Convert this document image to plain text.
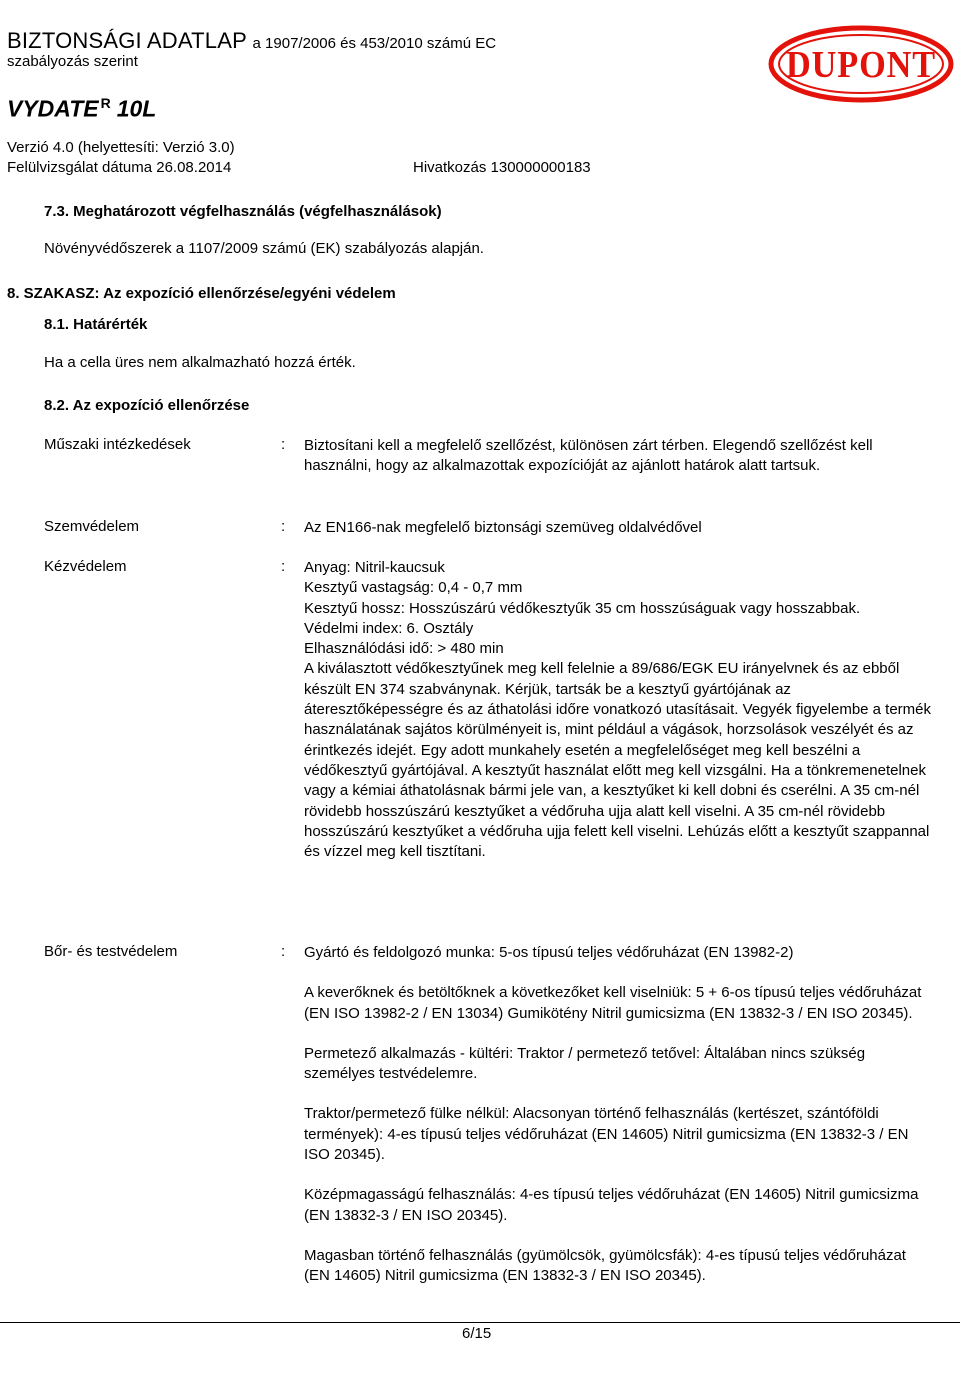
BIZTONSÁGI ADATLAP a 1907/2006 és 453/2010 számú EC
szabályozás szerint
VYDATE $^R$ 10L
Verzió 4.0 (helyettesíti: Verzió 3.0)
Felülvizsgálat dátuma 26.08.2014	Hivatkozás 130000000183
DUPONT
7.3. Meghatározott végfelhasználás (végfelhasználások)
Növényvédőszerek a 1107/2009 számú (EK) szabályozás alapján.
8. SZAKASZ: Az expozíció ellenőrzése/egyéni védelem
8.1. Határérték
Ha a cella üres nem alkalmazható hozzá érték.
8.2. Az expozíció ellenőrzése
Műszaki intézkedések	: Biztosítani kell a megfelelő szellőzést, különösen zárt térben. Elegendő szellőzést kell használni, hogy az alkalmazottak expozícióját az ajánlott határok alatt tartsuk.
Szemvédelem	: Az EN166-nak megfelelő biztonsági szemüveg oldalvédővel
Kézvédelem	: Anyag: Nitril-kaucsuk

Kesztyű vastagság: 0,4 - 0,7 mm

Kesztyű hossz: Hosszúszárú védőkesztyűk 35 cm hosszúságuak vagy hosszabbak.

Védelmi index: 6. Osztály

Elhasználódási idő: > 480 min

A kiválasztott védőkesztyűnek meg kell felelnie a 89/686/EGK EU irányelvnek és az ebből készült EN 374 szabványnak. Kérjük, tartsák be a kesztyű gyártójának az áteresztőképességre és az áthatolási időre vonatkozó utasításait. Vegyék figyelembe a termék használatának sajátos körülményeit is, mint például a vágások, horzsolások veszélyét és az érintkezés idejét. Egy adott munkahely esetén a megfelelőséget meg kell beszélni a védőkesztyű gyártójával. A kesztyűt használat előtt meg kell vizsgálni. Ha a tönkremenetelnek vagy a kémiai áthatolásnak bármi jele van, a kesztyűket ki kell dobni és cserélni. A 35 cm-nél rövidebb hosszúszárú kesztyűket a védőruha ujja alatt kell viselni. A 35 cm-nél rövidebb hosszúszárú kesztyűket a védőruha ujja felett kell viselni. Lehúzás előtt a kesztyűt szappannal és vízzel meg kell tisztítani.

Bőr- és testvédelem	: Gyártó és feldolgozó munka: 5-os típusú teljes védőruházat (EN 13982-2)

A keverőknek és betöltőknek a következőket kell viselniük: 5 + 6-os típusú teljes védőruházat (EN ISO 13982-2 / EN 13034) Gumikötény Nitril gumicsizma (EN 13832-3 / EN ISO 20345).

Permetező alkalmazás - kültéri: Traktor / permetező tetővel: Általában nincs szükség személyes testvédelemre.

Traktor/permetező fülke nélkül: Alacsonyan történő felhasználás (kertészet, szántóföldi termények): 4-es típusú teljes védőruházat (EN 14605) Nitril gumicsizma (EN 13832-3 / EN ISO 20345).

Középmagasságú felhasználás: 4-es típusú teljes védőruházat (EN 14605) Nitril gumicsizma (EN 13832-3 / EN ISO 20345).

Magasban történő felhasználás (gyümölcsök, gyümölcsfák): 4-es típusú teljes védőruházat (EN 14605) Nitril gumicsizma (EN 13832-3 / EN ISO 20345).

6/15
